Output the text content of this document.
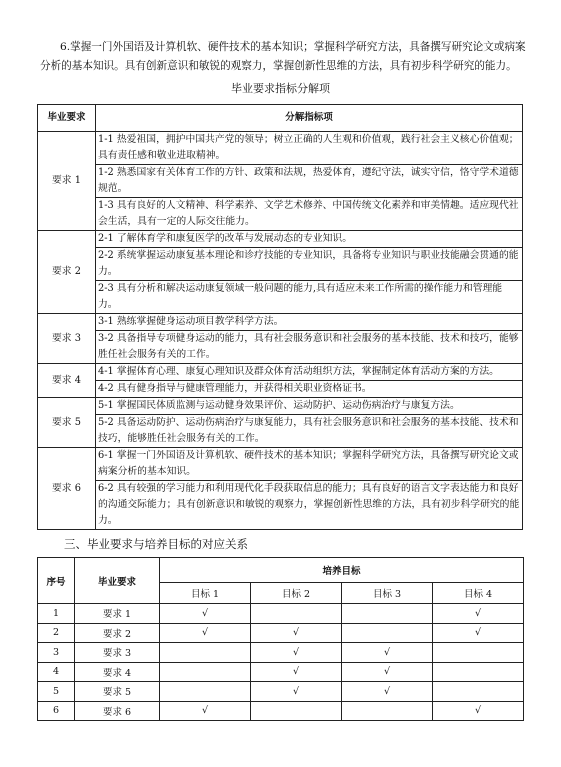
6.掌握一门外国语及计算机软、硬件技术的基本知识；掌握科学研究方法，具备撰写研究论文或病案分析的基本知识。具有创新意识和敏锐的观察力，掌握创新性思维的方法，具有初步科学研究的能力。

毕业要求指标分解项

毕业要求	分解指标项
要求 1	1-1 热爱祖国，拥护中国共产党的领导；树立正确的人生观和价值观，践行社会主义核心价值观；具有责任感和敬业进取精神。
1-2 熟悉国家有关体育工作的方针、政策和法规，热爱体育，遵纪守法，诚实守信，恪守学术道德规范。
1-3 具有良好的人文精神、科学素养、文学艺术修养、中国传统文化素养和审美情趣。适应现代社会生活，具有一定的人际交往能力。

要求 2	2-1 了解体育学和康复医学的改革与发展动态的专业知识。
2-2 系统掌握运动康复基本理论和诊疗技能的专业知识，具备将专业知识与职业技能融会贯通的能力。
2-3 具有分析和解决运动康复领域一般问题的能力,具有适应未来工作所需的操作能力和管理能力。

要求 3	3-1 熟练掌握健身运动项目教学科学方法。
3-2 具备指导专项健身运动的能力，具有社会服务意识和社会服务的基本技能、技术和技巧，能够胜任社会服务有关的工作。

要求 4	4-1 掌握体育心理、康复心理知识及群众体育活动组织方法，掌握制定体育活动方案的方法。
4-2 具有健身指导与健康管理能力，并获得相关职业资格证书。

要求 5	5-1 掌握国民体质监测与运动健身效果评价、运动防护、运动伤病治疗与康复方法。
5-2 具备运动防护、运动伤病治疗与康复能力，具有社会服务意识和社会服务的基本技能、技术和技巧，能够胜任社会服务有关的工作。

要求 6	6-1 掌握一门外国语及计算机软、硬件技术的基本知识；掌握科学研究方法，具备撰写研究论文或病案分析的基本知识。
6-2 具有较强的学习能力和利用现代化手段获取信息的能力；具有良好的语言文字表达能力和良好的沟通交际能力；具有创新意识和敏锐的观察力，掌握创新性思维的方法，具有初步科学研究的能力。

三、毕业要求与培养目标的对应关系

序号	毕业要求	培养目标			
		目标 1	目标 2	目标 3	目标 4
1	要求 1	√			√
2	要求 2	√	√		√
3	要求 3		√	√	
4	要求 4		√	√	
5	要求 5		√	√	
6	要求 6	√			√
